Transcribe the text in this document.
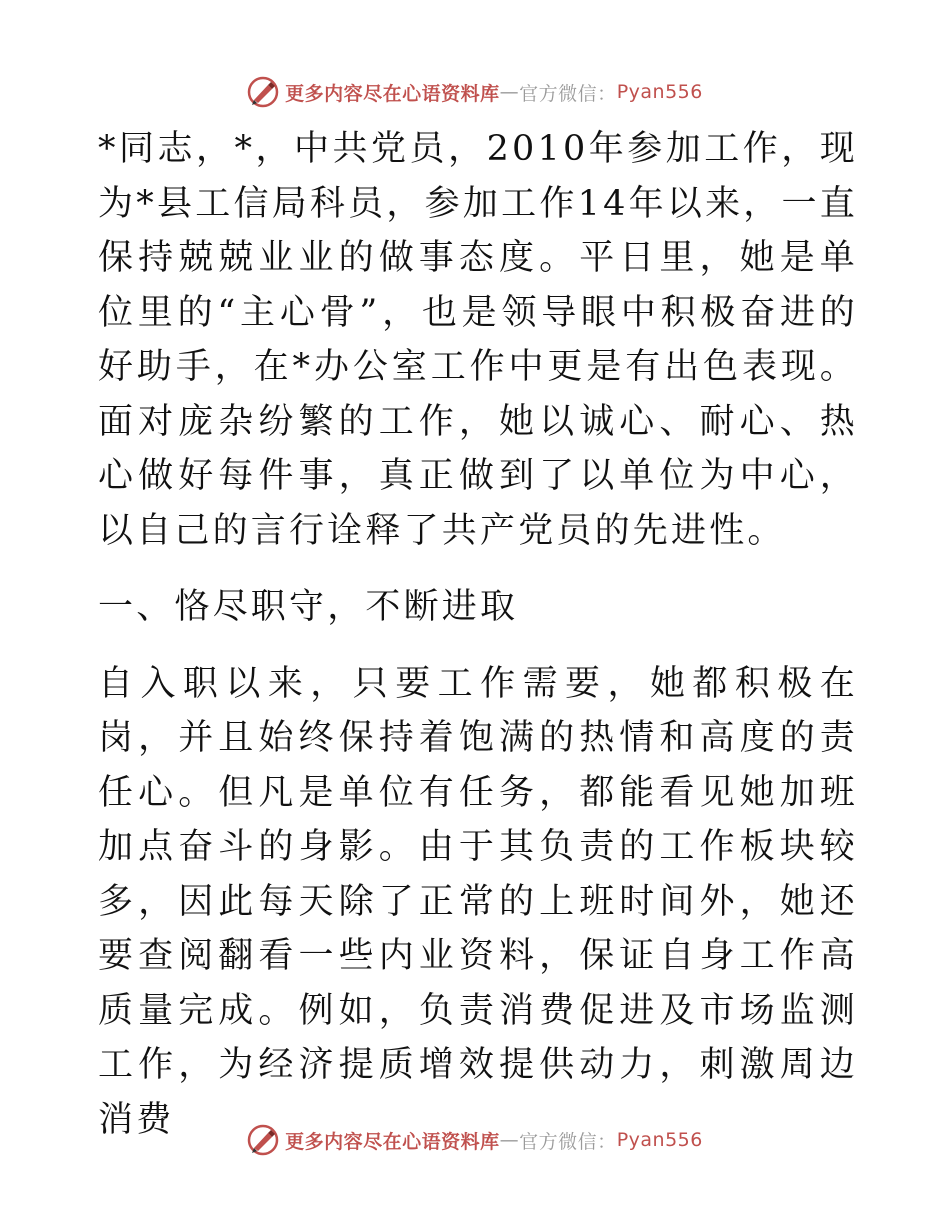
更多内容尽在心语资料库 — 官方微信： Pyan556

*同志，*，中共党员，2010年参加工作，现为*县工信局科员，参加工作14年以来，一直保持兢兢业业的做事态度。平日里，她是单位里的“主心骨”，也是领导眼中积极奋进的好助手，在*办公室工作中更是有出色表现。面对庞杂纷繁的工作，她以诚心、耐心、热心做好每件事，真正做到了以单位为中心，以自己的言行诠释了共产党员的先进性。

一、恪尽职守，不断进取

自入职以来，只要工作需要，她都积极在岗，并且始终保持着饱满的热情和高度的责任心。但凡是单位有任务，都能看见她加班加点奋斗的身影。由于其负责的工作板块较多，因此每天除了正常的上班时间外，她还要查阅翻看一些内业资料，保证自身工作高质量完成。例如，负责消费促进及市场监测工作，为经济提质增效提供动力，刺激周边消费

更多内容尽在心语资料库 — 官方微信： Pyan556
